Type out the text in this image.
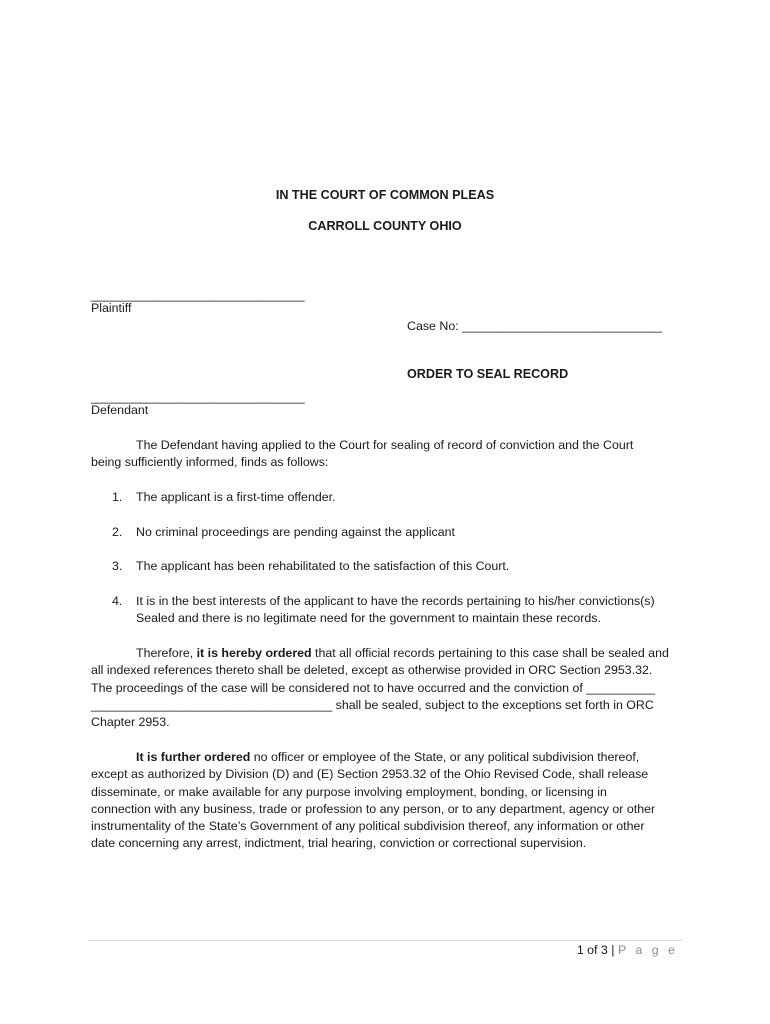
IN THE COURT OF COMMON PLEAS
CARROLL COUNTY OHIO
_______________________________
Plaintiff
Case No: _____________________________
ORDER TO SEAL RECORD
_______________________________
Defendant
The Defendant having applied to the Court for sealing of record of conviction and the Court
being sufficiently informed, finds as follows:
1.	The applicant is a first-time offender.
2.	No criminal proceedings are pending against the applicant
3.	The applicant has been rehabilitated to the satisfaction of this Court.
4.	It is in the best interests of the applicant to have the records pertaining to his/her convictions(s)
Sealed and there is no legitimate need for the government to maintain these records.
Therefore, it is hereby ordered that all official records pertaining to this case shall be sealed and
all indexed references thereto shall be deleted, except as otherwise provided in ORC Section 2953.32.
The proceedings of the case will be considered not to have occurred and the conviction of __________
___________________________________ shall be sealed, subject to the exceptions set forth in ORC
Chapter 2953.
It is further ordered no officer or employee of the State, or any political subdivision thereof,
except as authorized by Division (D) and (E) Section 2953.32 of the Ohio Revised Code, shall release
disseminate, or make available for any purpose involving employment, bonding, or licensing in
connection with any business, trade or profession to any person, or to any department, agency or other
instrumentality of the State’s Government of any political subdivision thereof, any information or other
date concerning any arrest, indictment, trial hearing, conviction or correctional supervision.
1 of 3 | P a g e
